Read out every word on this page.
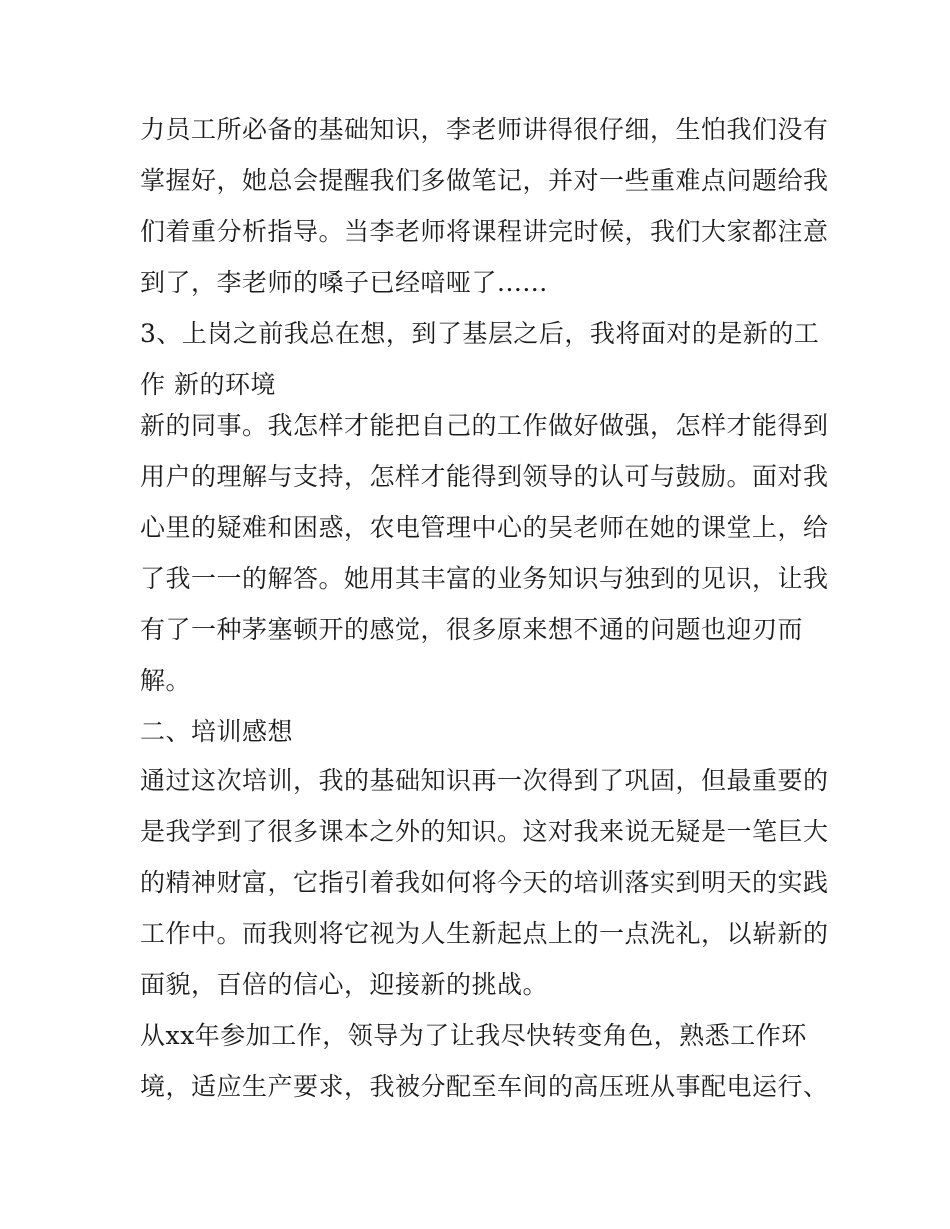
力员工所必备的基础知识，李老师讲得很仔细，生怕我们没有
掌握好，她总会提醒我们多做笔记，并对一些重难点问题给我
们着重分析指导。当李老师将课程讲完时候，我们大家都注意
到了，李老师的嗓子已经喑哑了......
3、上岗之前我总在想，到了基层之后，我将面对的是新的工
作 新的环境
新的同事。我怎样才能把自己的工作做好做强，怎样才能得到
用户的理解与支持，怎样才能得到领导的认可与鼓励。面对我
心里的疑难和困惑，农电管理中心的吴老师在她的课堂上，给
了我一一的解答。她用其丰富的业务知识与独到的见识，让我
有了一种茅塞顿开的感觉，很多原来想不通的问题也迎刃而
解。
二、培训感想
通过这次培训，我的基础知识再一次得到了巩固，但最重要的
是我学到了很多课本之外的知识。这对我来说无疑是一笔巨大
的精神财富，它指引着我如何将今天的培训落实到明天的实践
工作中。而我则将它视为人生新起点上的一点洗礼，以崭新的
面貌，百倍的信心，迎接新的挑战。
从xx年参加工作，领导为了让我尽快转变角色，熟悉工作环
境，适应生产要求，我被分配至车间的高压班从事配电运行、
